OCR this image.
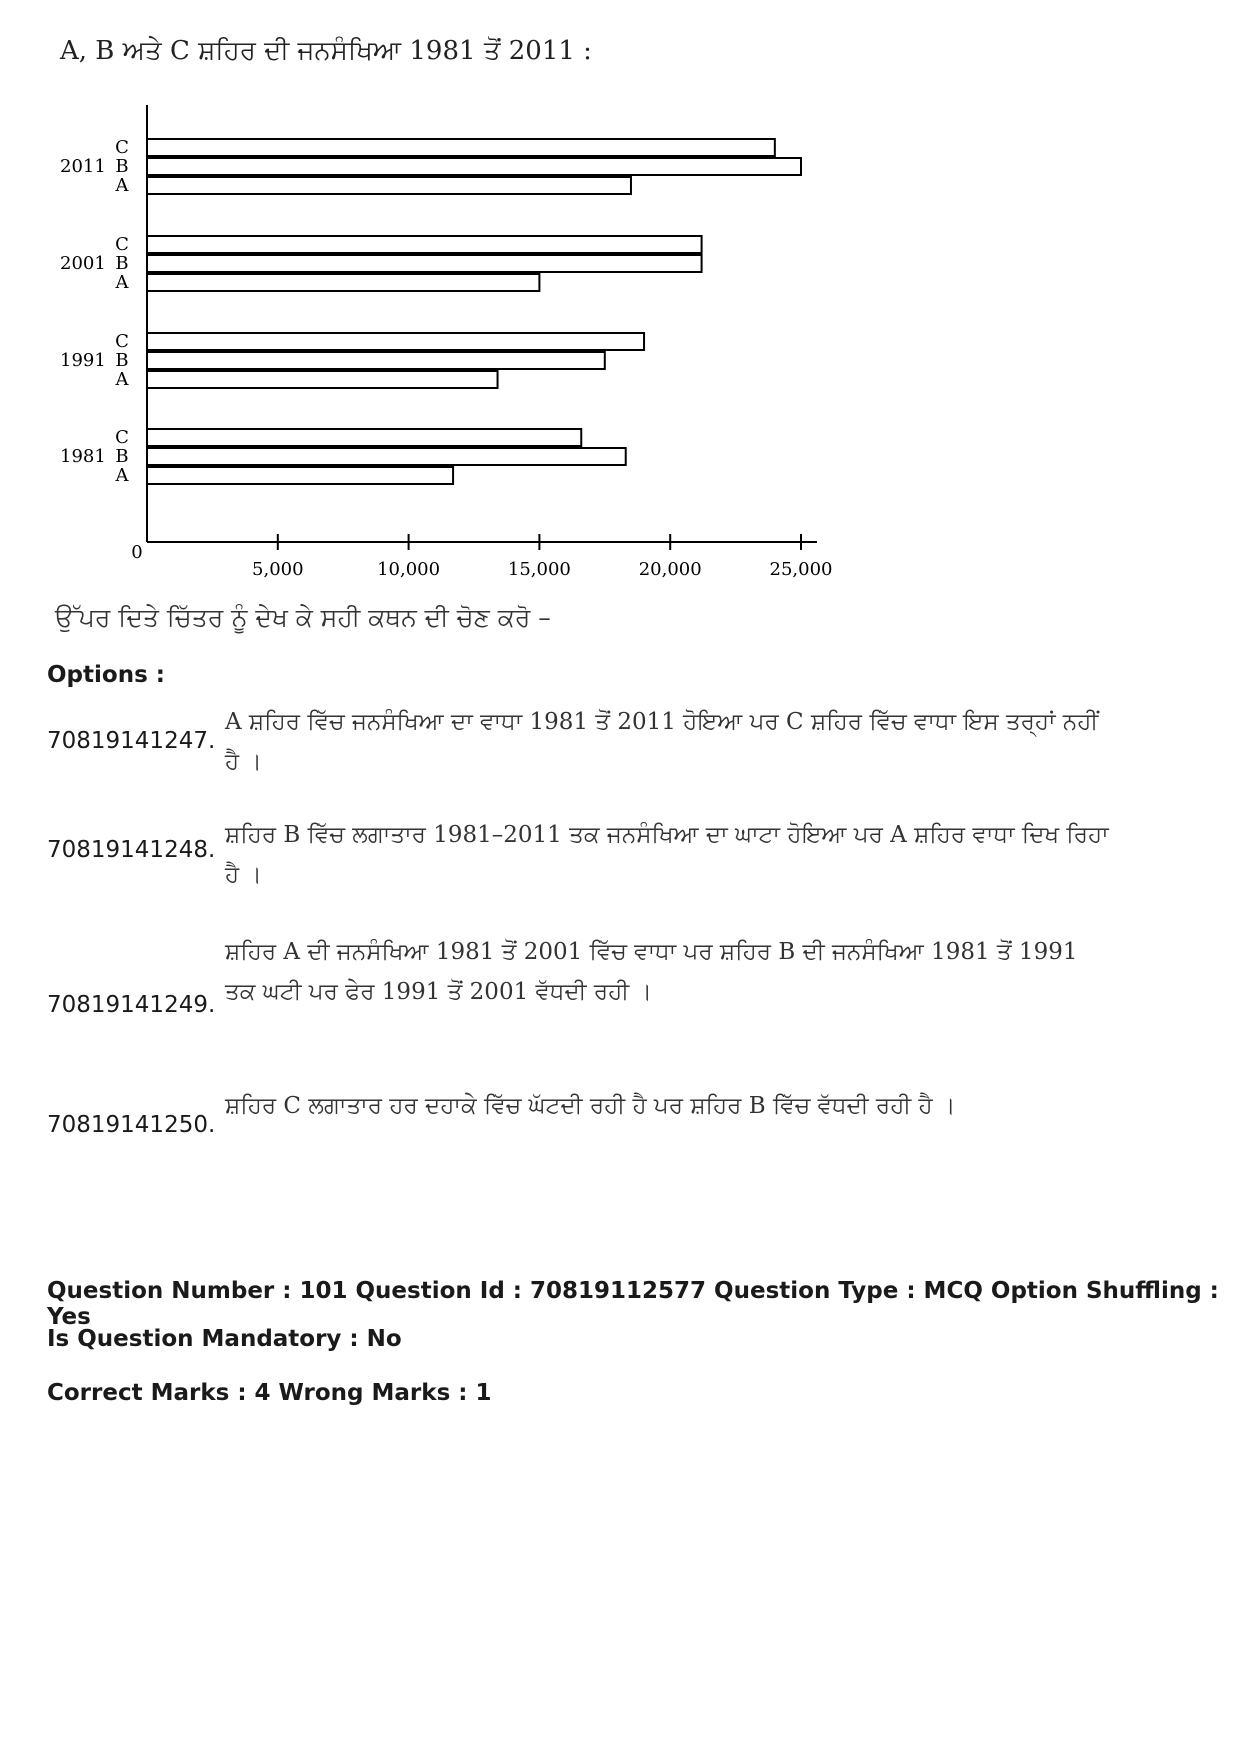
A, B ਅਤੇ C ਸ਼ਹਿਰ ਦੀ ਜਨਸੰਖਿਆ 1981 ਤੋਂ 2011 :
0
5,000	10,000	15,000	20,000	25,000
C
B
A
2011
C
B
A
2001
C
B
A
1991
C
B
A
1981
ਉੱਪਰ ਦਿਤੇ ਚਿੱਤਰ ਨੂੰ ਦੇਖ ਕੇ ਸਹੀ ਕਥਨ ਦੀ ਚੋਣ ਕਰੋ –
Options :
70819141247.
A ਸ਼ਹਿਰ ਵਿੱਚ ਜਨਸੰਖਿਆ ਦਾ ਵਾਧਾ 1981 ਤੋਂ 2011 ਹੋਇਆ ਪਰ C ਸ਼ਹਿਰ ਵਿੱਚ ਵਾਧਾ ਇਸ ਤਰ੍ਹਾਂ ਨਹੀਂ ਹੈ ।
70819141248.
ਸ਼ਹਿਰ B ਵਿੱਚ ਲਗਾਤਾਰ 1981–2011 ਤਕ ਜਨਸੰਖਿਆ ਦਾ ਘਾਟਾ ਹੋਇਆ ਪਰ A ਸ਼ਹਿਰ ਵਾਧਾ ਦਿਖ ਰਿਹਾ ਹੈ ।
70819141249.
ਸ਼ਹਿਰ A ਦੀ ਜਨਸੰਖਿਆ 1981 ਤੋਂ 2001 ਵਿੱਚ ਵਾਧਾ ਪਰ ਸ਼ਹਿਰ B ਦੀ ਜਨਸੰਖਿਆ 1981 ਤੋਂ 1991 ਤਕ ਘਟੀ ਪਰ ਫੇਰ 1991 ਤੋਂ 2001 ਵੱਧਦੀ ਰਹੀ ।
70819141250.
ਸ਼ਹਿਰ C ਲਗਾਤਾਰ ਹਰ ਦਹਾਕੇ ਵਿੱਚ ਘੱਟਦੀ ਰਹੀ ਹੈ ਪਰ ਸ਼ਹਿਰ B ਵਿੱਚ ਵੱਧਦੀ ਰਹੀ ਹੈ ।
Question Number : 101 Question Id : 70819112577 Question Type : MCQ Option Shuffling : Yes
Is Question Mandatory : No
Correct Marks : 4 Wrong Marks : 1
